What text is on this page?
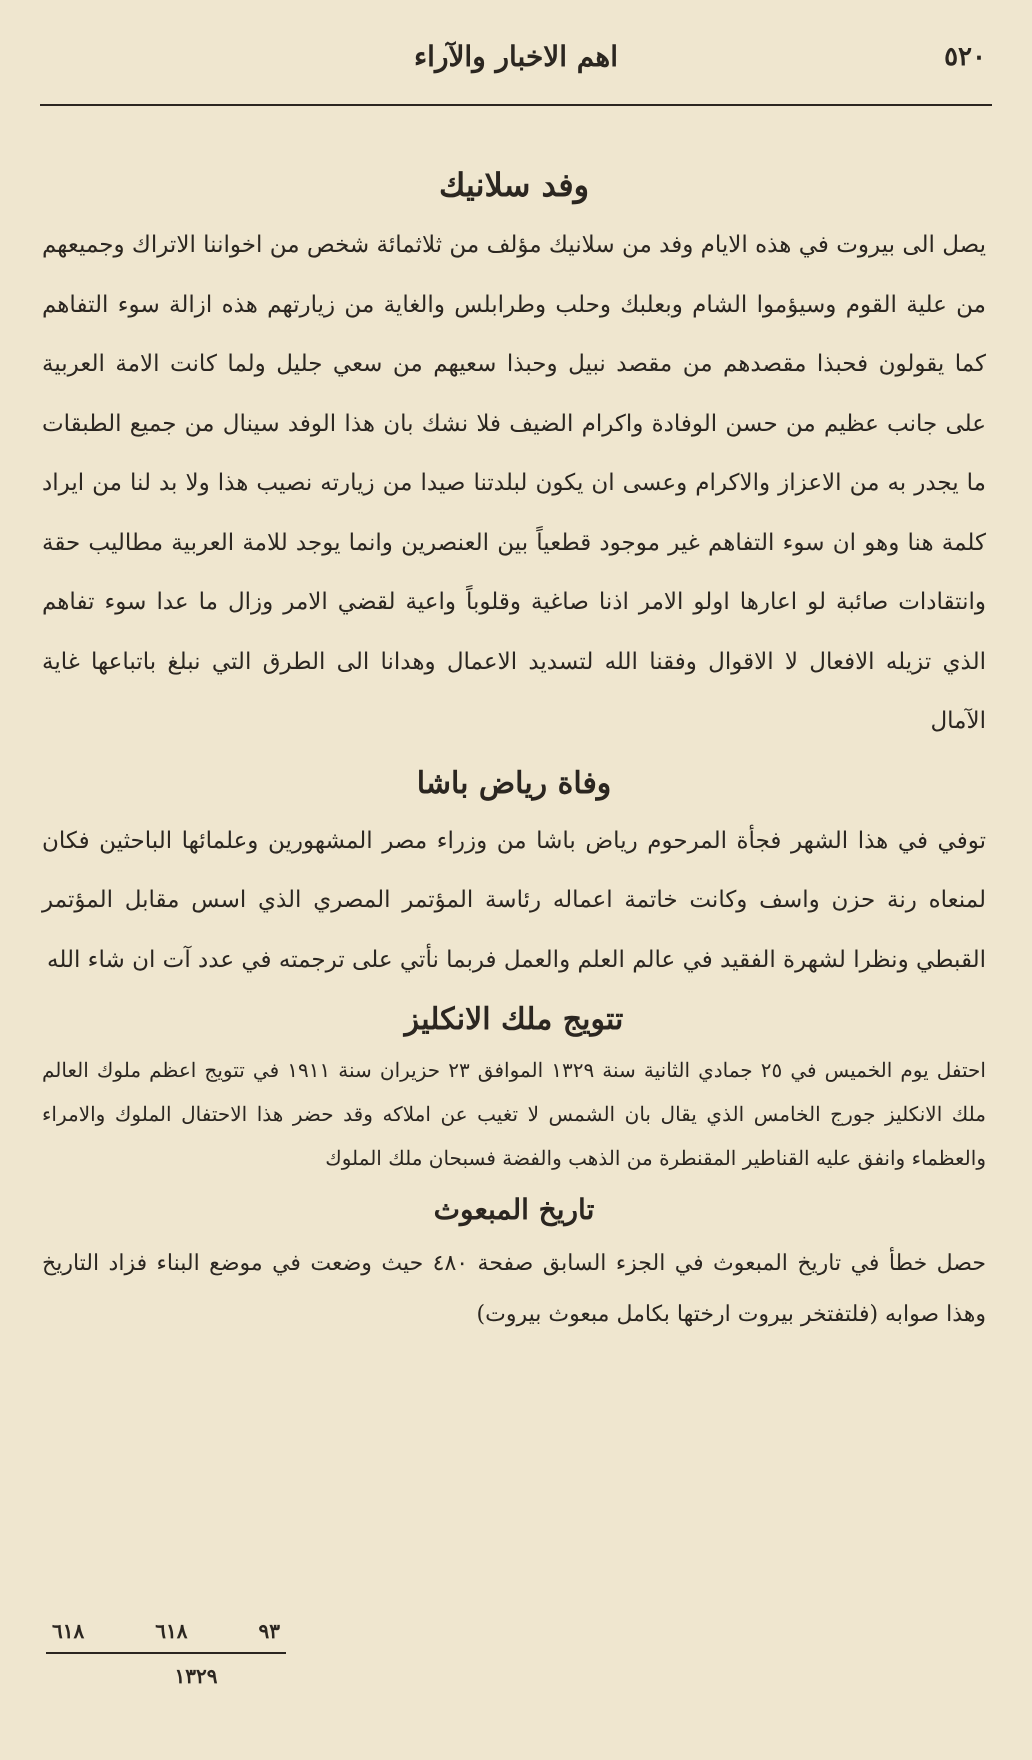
٥٢٠
اهم الاخبار والآراء
وفد سلانيك

يصل الى بيروت في هذه الايام وفد من سلانيك مؤلف من ثلاثمائة شخص من اخواننا الاتراك وجميعهم من علية القوم وسيؤموا الشام وبعلبك وحلب وطرابلس والغاية من زيارتهم هذه ازالة سوء التفاهم كما يقولون فحبذا مقصدهم من مقصد نبيل وحبذا سعيهم من سعي جليل ولما كانت الامة العربية على جانب عظيم من حسن الوفادة واكرام الضيف فلا نشك بان هذا الوفد سينال من جميع الطبقات ما يجدر به من الاعزاز والاكرام وعسى ان يكون لبلدتنا صيدا من زيارته نصيب هذا ولا بد لنا من ايراد كلمة هنا وهو ان سوء التفاهم غير موجود قطعياً بين العنصرين وانما يوجد للامة العربية مطاليب حقة وانتقادات صائبة لو اعارها اولو الامر اذنا صاغية وقلوباً واعية لقضي الامر وزال ما عدا سوء تفاهم الذي تزيله الافعال لا الاقوال وفقنا الله لتسديد الاعمال وهدانا الى الطرق التي نبلغ باتباعها غاية الآمال

وفاة رياض باشا

توفي في هذا الشهر فجأة المرحوم رياض باشا من وزراء مصر المشهورين وعلمائها الباحثين فكان لمنعاه رنة حزن واسف وكانت خاتمة اعماله رئاسة المؤتمر المصري الذي اسس مقابل المؤتمر القبطي ونظرا لشهرة الفقيد في عالم العلم والعمل فربما نأتي على ترجمته في عدد آت ان شاء الله

تتويج ملك الانكليز

احتفل يوم الخميس في ٢٥ جمادي الثانية سنة ١٣٢٩ الموافق ٢٣ حزيران سنة ١٩١١ في تتويج اعظم ملوك العالم ملك الانكليز جورج الخامس الذي يقال بان الشمس لا تغيب عن املاكه وقد حضر هذا الاحتفال الملوك والامراء والعظماء وانفق عليه القناطير المقنطرة من الذهب والفضة فسبحان ملك الملوك

تاريخ المبعوث

حصل خطأ في تاريخ المبعوث في الجزء السابق صفحة ٤٨٠ حيث وضعت في موضع البناء فزاد التاريخ وهذا صوابه (فلتفتخر بيروت ارختها بكامل مبعوث بيروت)

٩٣
٦١٨
٦١٨
١٣٢٩
